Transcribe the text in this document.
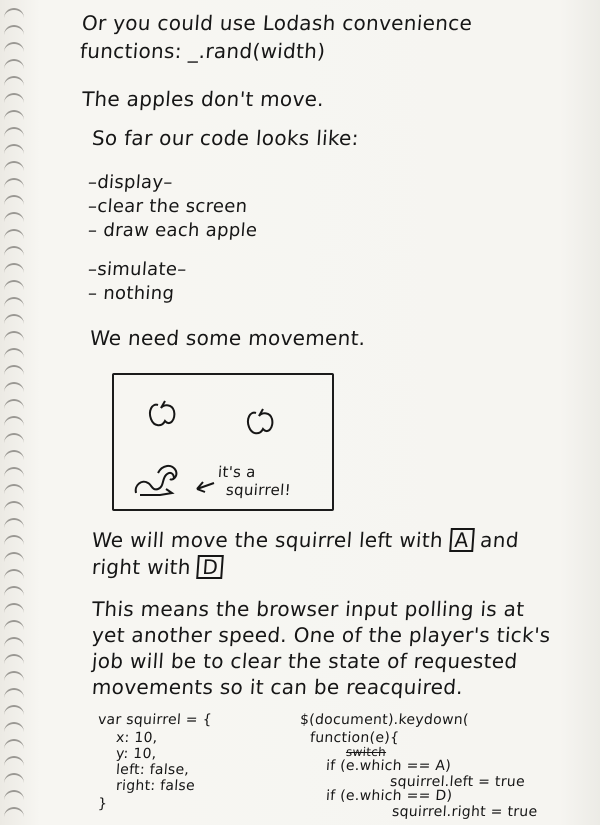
Or you could use Lodash convenience
functions: _.rand(width)
The apples don't move.
So far our code looks like:
–display–
–clear the screen
– draw each apple
–simulate–
– nothing
We need some movement.
it's a
squirrel!
We will move the squirrel left with A and
right with D
This means the browser input polling is at
yet another speed. One of the player's tick's
job will be to clear the state of requested
movements so it can be reacquired.
var squirrel = {
x: 10,
y: 10,
left: false,
right: false
}
$(document).keydown(
function(e){
switch
if (e.which == A)
squirrel.left = true
if (e.which == D)
squirrel.right = true
